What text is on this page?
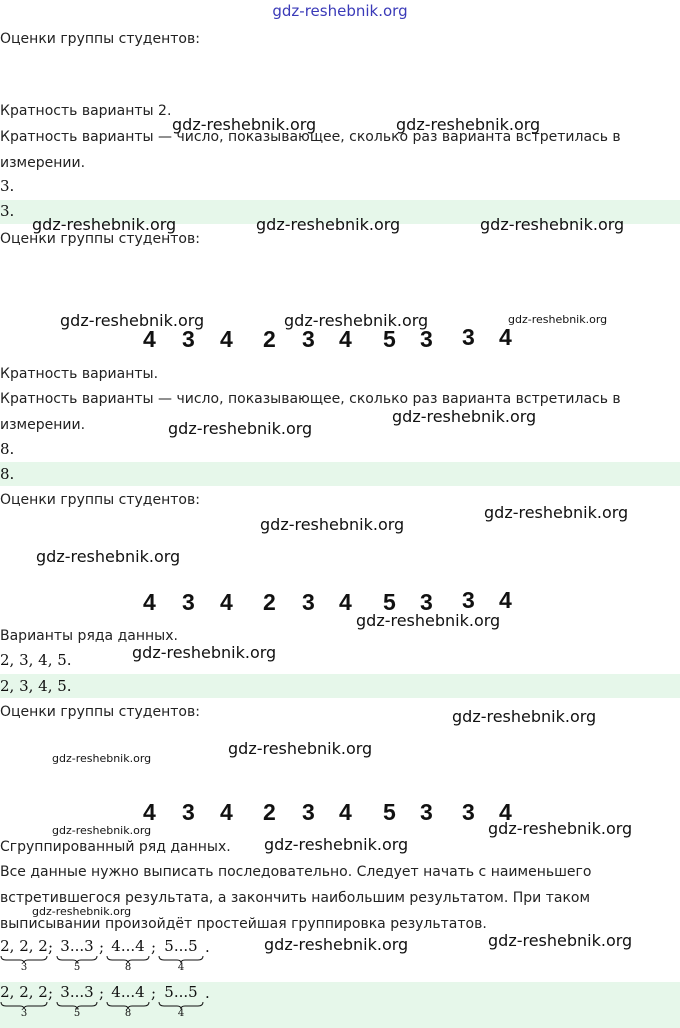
gdz-reshebnik.org
Оценки группы студентов:
Кратность варианты 2.
Кратность варианты — число, показывающее, сколько раз варианта встретилась в
измерении.
3.
3.
Оценки группы студентов:
4 3 4 2 3 4 5 3 3 4
Кратность варианты.
Кратность варианты — число, показывающее, сколько раз варианта встретилась в
измерении.
8.
8.
Оценки группы студентов:
4 3 4 2 3 4 5 3 3 4
Варианты ряда данных.
2, 3, 4, 5.
2, 3, 4, 5.
Оценки группы студентов:
4 3 4 2 3 4 5 3 3 4
Сгруппированный ряд данных.
Все данные нужно выписать последовательно. Следует начать с наименьшего
встретившегося результата, а закончить наибольшим результатом. При таком
выписывании произойдёт простейшая группировка результатов.
2, 2, 2
3
; 3...3
5
; 4...4
8
; 5...5
4
.
2, 2, 2
3
; 3...3
5
; 4...4
8
; 5...5
4
.
gdz-reshebnik.org	gdz-reshebnik.org
gdz-reshebnik.org	gdz-reshebnik.org	gdz-reshebnik.org
gdz-reshebnik.org	gdz-reshebnik.org	gdz-reshebnik.org
gdz-reshebnik.org
gdz-reshebnik.org
gdz-reshebnik.org
gdz-reshebnik.org
gdz-reshebnik.org
gdz-reshebnik.org
gdz-reshebnik.org
gdz-reshebnik.org
gdz-reshebnik.org
gdz-reshebnik.org
gdz-reshebnik.org
gdz-reshebnik.org
gdz-reshebnik.org
gdz-reshebnik.org
gdz-reshebnik.org
gdz-reshebnik.org
